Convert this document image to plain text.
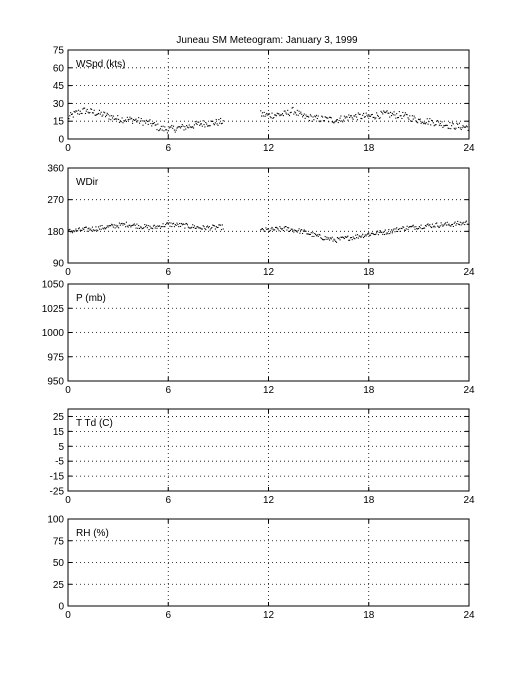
Juneau SM Meteogram: January 3, 1999
0	6	12	18	24
0
15
30
45
60
75
WSpd (kts)
0	6	12	18	24
90
180
270
360
WDir
0	6	12	18	24
950
975
1000
1025
1050
P (mb)
0	6	12	18	24
-25
-15
-5
5
15
25
T Td (C)
0	6	12	18	24
0
25
50
75
100
RH (%)
